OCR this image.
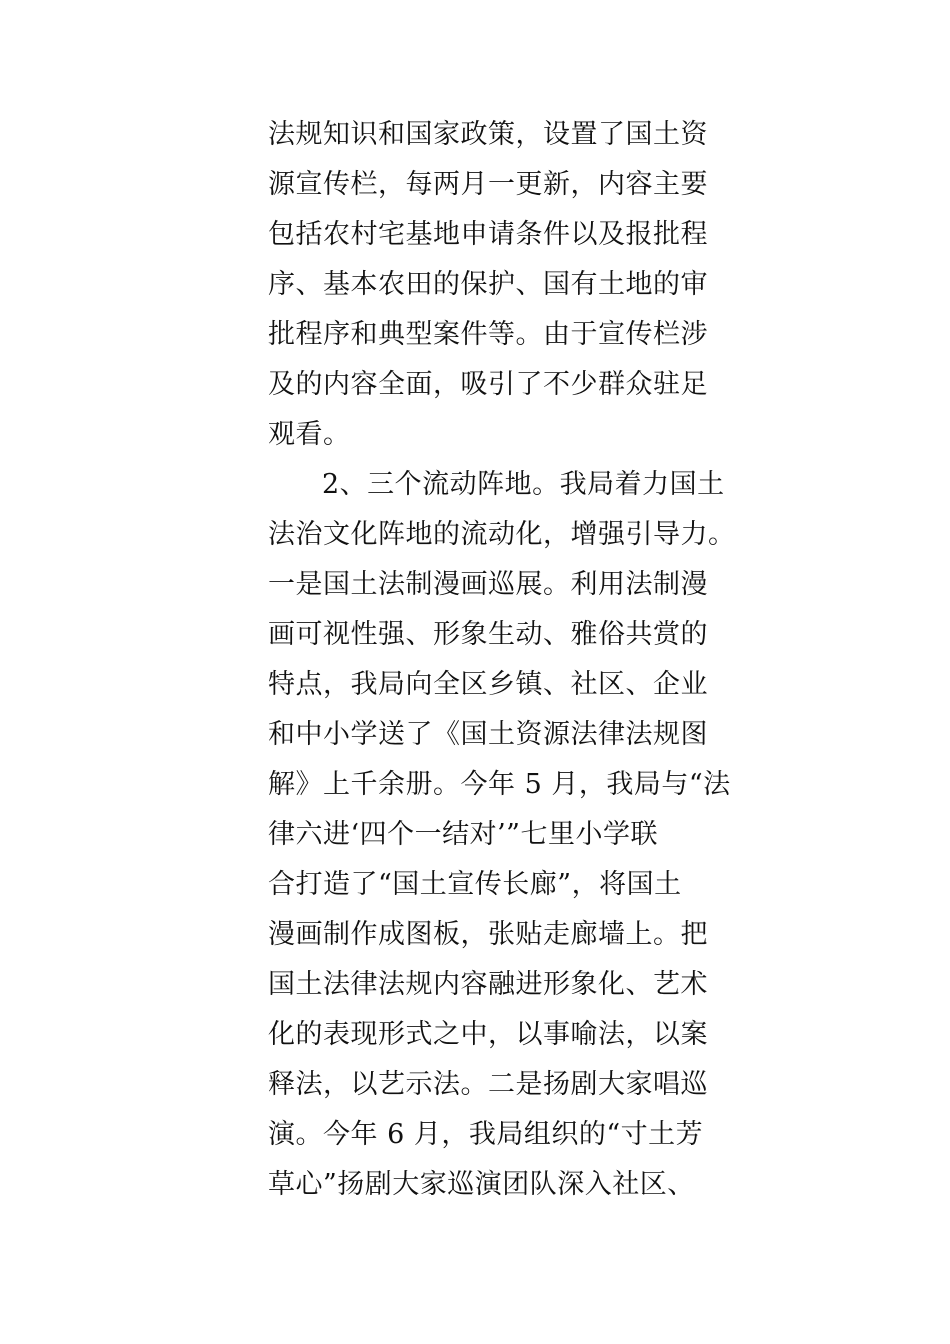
法规知识和国家政策，设置了国土资
源宣传栏，每两月一更新，内容主要
包括农村宅基地申请条件以及报批程
序、基本农田的保护、国有土地的审
批程序和典型案件等。由于宣传栏涉
及的内容全面，吸引了不少群众驻足
观看。
2、三个流动阵地。我局着力国土
法治文化阵地的流动化，增强引导力。
一是国土法制漫画巡展。利用法制漫
画可视性强、形象生动、雅俗共赏的
特点，我局向全区乡镇、社区、企业
和中小学送了《国土资源法律法规图
解》上千余册。今年 5 月，我局与“法
律六进‘四个一结对’”七里小学联
合打造了“国土宣传长廊”，将国土
漫画制作成图板，张贴走廊墙上。把
国土法律法规内容融进形象化、艺术
化的表现形式之中，以事喻法，以案
释法，以艺示法。二是扬剧大家唱巡
演。今年 6 月，我局组织的“寸土芳
草心”扬剧大家巡演团队深入社区、
